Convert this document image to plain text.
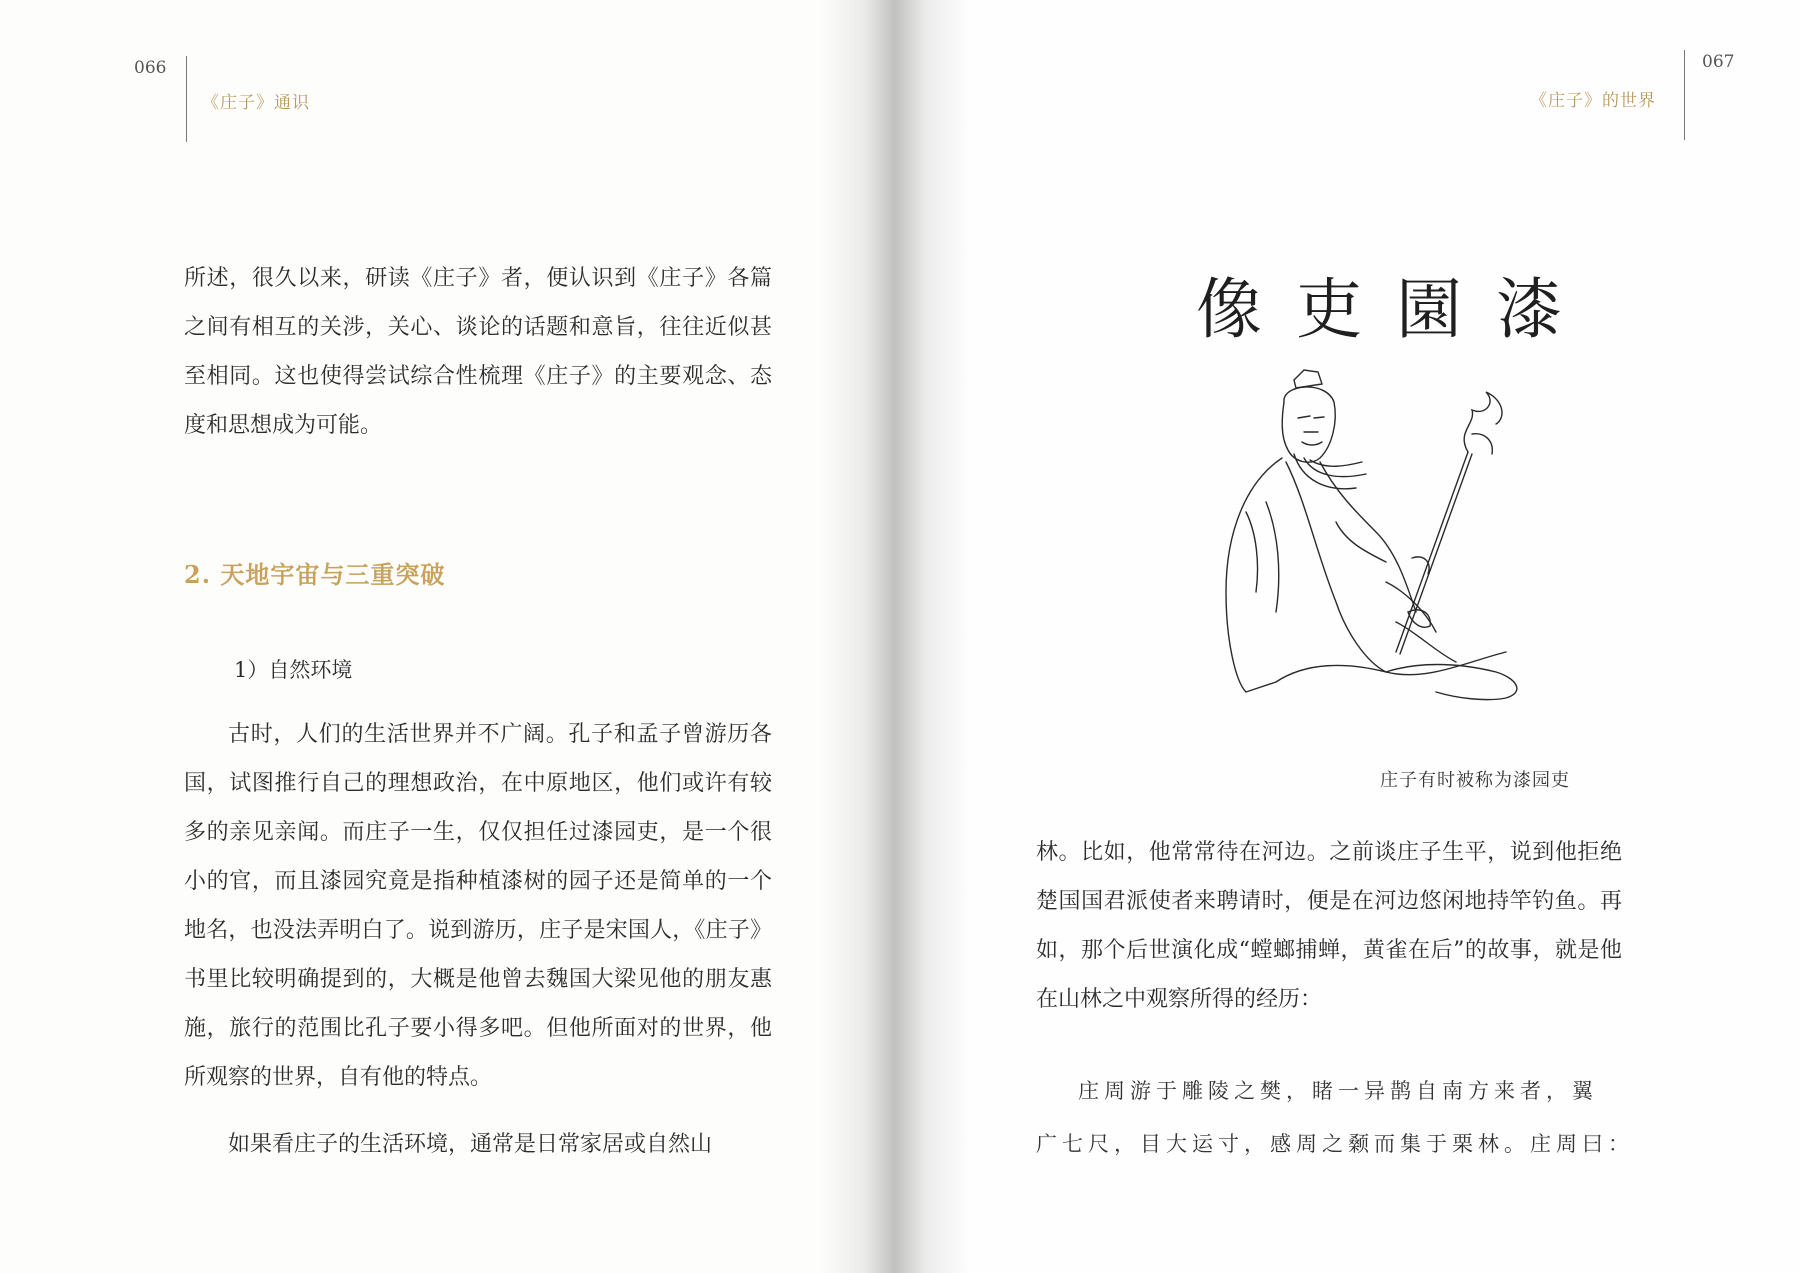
066
《庄子》通识

所述，很久以来，研读《庄子》者，便认识到《庄子》各篇之间有相互的关涉，关心、谈论的话题和意旨，往往近似甚至相同。这也使得尝试综合性梳理《庄子》的主要观念、态度和思想成为可能。

2. 天地宇宙与三重突破
1）自然环境

古时，人们的生活世界并不广阔。孔子和孟子曾游历各国，试图推行自己的理想政治，在中原地区，他们或许有较多的亲见亲闻。而庄子一生，仅仅担任过漆园吏，是一个很小的官，而且漆园究竟是指种植漆树的园子还是简单的一个地名，也没法弄明白了。说到游历，庄子是宋国人，《庄子》书里比较明确提到的，大概是他曾去魏国大梁见他的朋友惠施，旅行的范围比孔子要小得多吧。但他所面对的世界，他所观察的世界，自有他的特点。

如果看庄子的生活环境，通常是日常家居或自然山

067
《庄子》的世界
像吏園漆
庄子有时被称为漆园吏

林。比如，他常常待在河边。之前谈庄子生平，说到他拒绝楚国国君派使者来聘请时，便是在河边悠闲地持竿钓鱼。再如，那个后世演化成“螳螂捕蝉，黄雀在后”的故事，就是他在山林之中观察所得的经历：

庄周游于雕陵之樊，睹一异鹊自南方来者，翼

广七尺，目大运寸，感周之颡而集于栗林。庄周曰：
